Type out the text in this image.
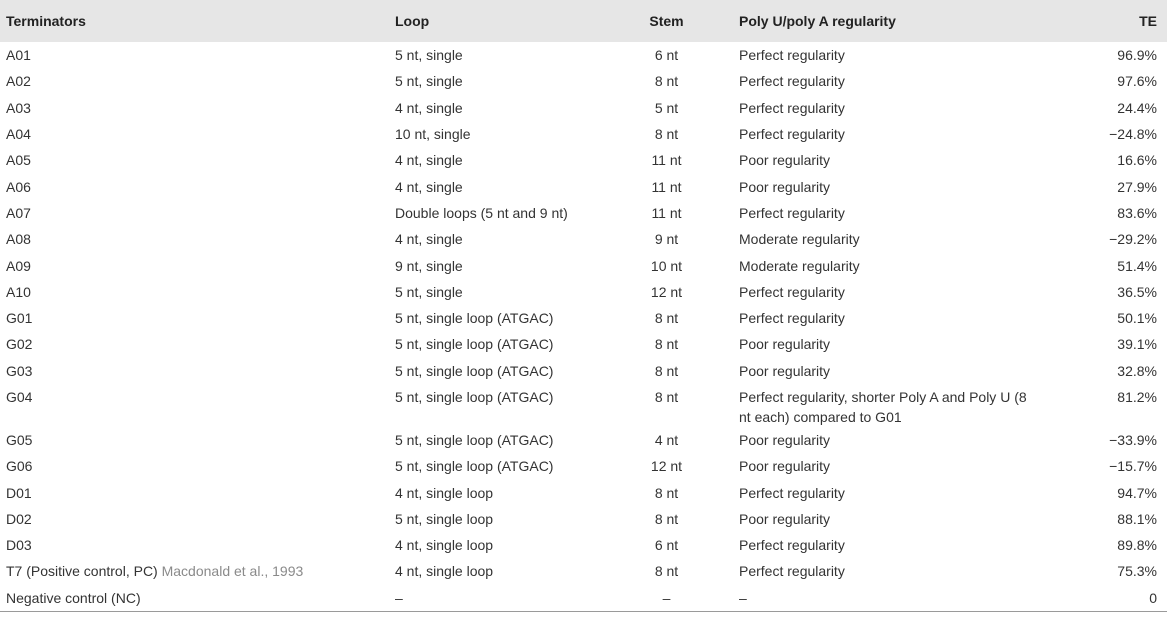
Terminators	Loop	Stem	Poly U/poly A regularity	TE
A01	5 nt, single	6 nt	Perfect regularity	96.9%
A02	5 nt, single	8 nt	Perfect regularity	97.6%
A03	4 nt, single	5 nt	Perfect regularity	24.4%
A04	10 nt, single	8 nt	Perfect regularity	−24.8%
A05	4 nt, single	11 nt	Poor regularity	16.6%
A06	4 nt, single	11 nt	Poor regularity	27.9%
A07	Double loops (5 nt and 9 nt)	11 nt	Perfect regularity	83.6%
A08	4 nt, single	9 nt	Moderate regularity	−29.2%
A09	9 nt, single	10 nt	Moderate regularity	51.4%
A10	5 nt, single	12 nt	Perfect regularity	36.5%
G01	5 nt, single loop (ATGAC)	8 nt	Perfect regularity	50.1%
G02	5 nt, single loop (ATGAC)	8 nt	Poor regularity	39.1%
G03	5 nt, single loop (ATGAC)	8 nt	Poor regularity	32.8%
G04	5 nt, single loop (ATGAC)	8 nt	Perfect regularity, shorter Poly A and Poly U (8 nt each) compared to G01	81.2%
G05	5 nt, single loop (ATGAC)	4 nt	Poor regularity	−33.9%
G06	5 nt, single loop (ATGAC)	12 nt	Poor regularity	−15.7%
D01	4 nt, single loop	8 nt	Perfect regularity	94.7%
D02	5 nt, single loop	8 nt	Poor regularity	88.1%
D03	4 nt, single loop	6 nt	Perfect regularity	89.8%
T7 (Positive control, PC) Macdonald et al., 1993	4 nt, single loop	8 nt	Perfect regularity	75.3%
Negative control (NC)	–	–	–	0
